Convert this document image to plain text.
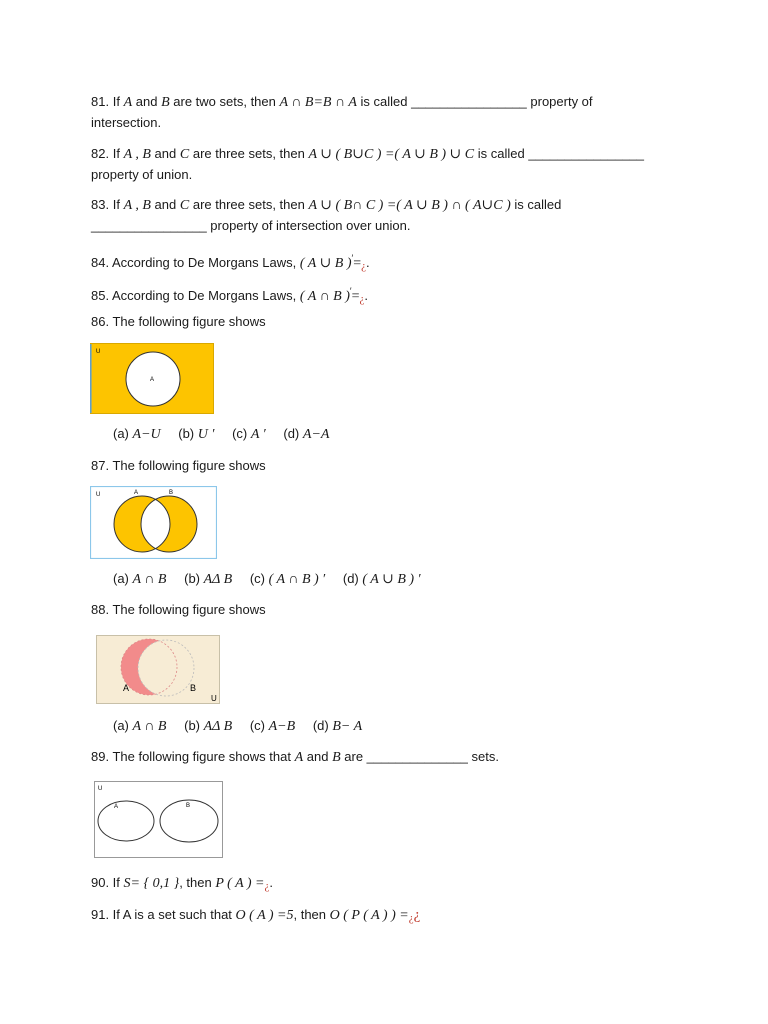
81. If A and B are two sets, then A ∩ B=B ∩ A is called ________________ property of
intersection.
82. If A , B and C are three sets, then A ∪ ( B∪C ) =( A ∪ B ) ∪ C is called ________________
property of union.
83. If A , B and C are three sets, then A ∪ ( B∩ C ) =( A ∪ B ) ∩ ( A∪C ) is called
________________ property of intersection over union.
84. According to De Morgans Laws, ( A ∪ B )′=¿.
85. According to De Morgans Laws, ( A ∩ B )′=¿.
86. The following figure shows
U
A
(a) A−U (b) U ′ (c) A ′ (d) A−A
87. The following figure shows
U	A	B
(a) A ∩ B (b) AΔ B (c) ( A ∩ B ) ′ (d) ( A ∪ B ) ′
88. The following figure shows
A	B
U
(a) A ∩ B (b) AΔ B (c) A−B (d) B− A
89. The following figure shows that A and B are ______________ sets.
U
A	B
90. If S= { 0,1 }, then P ( A ) =¿.
91. If A is a set such that O ( A ) =5, then O ( P ( A ) ) =¿¿
